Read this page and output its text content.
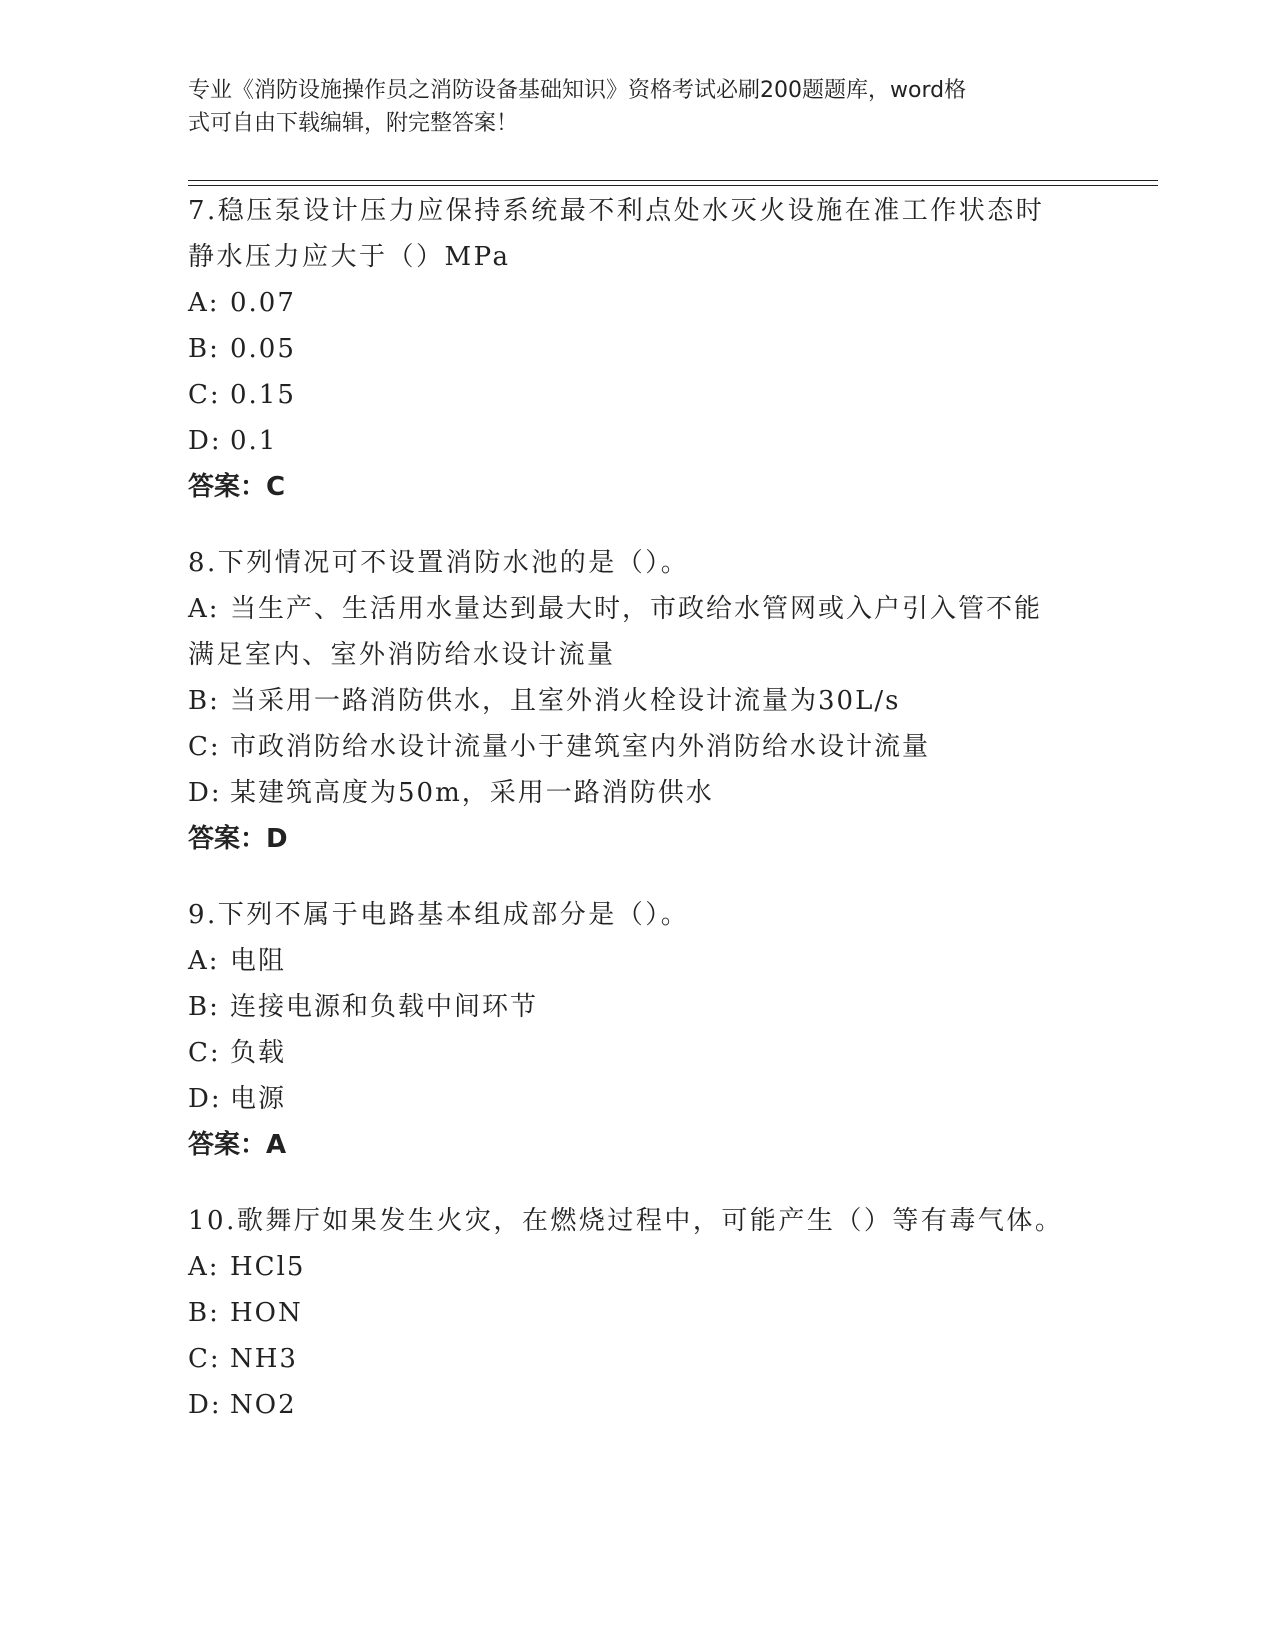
专业《消防设施操作员之消防设备基础知识》资格考试必刷200题题库，word格
式可自由下载编辑，附完整答案！
7.稳压泵设计压力应保持系统最不利点处水灭火设施在准工作状态时
静水压力应大于（）MPa
A: 0.07
B: 0.05
C: 0.15
D: 0.1
答案：C
8.下列情况可不设置消防水池的是（）。
A: 当生产、生活用水量达到最大时，市政给水管网或入户引入管不能
满足室内、室外消防给水设计流量
B: 当采用一路消防供水，且室外消火栓设计流量为30L/s
C: 市政消防给水设计流量小于建筑室内外消防给水设计流量
D: 某建筑高度为50m，采用一路消防供水
答案：D
9.下列不属于电路基本组成部分是（）。
A: 电阻
B: 连接电源和负载中间环节
C: 负载
D: 电源
答案：A
10.歌舞厅如果发生火灾，在燃烧过程中，可能产生（）等有毒气体。
A: HCl5
B: HON
C: NH3
D: NO2
